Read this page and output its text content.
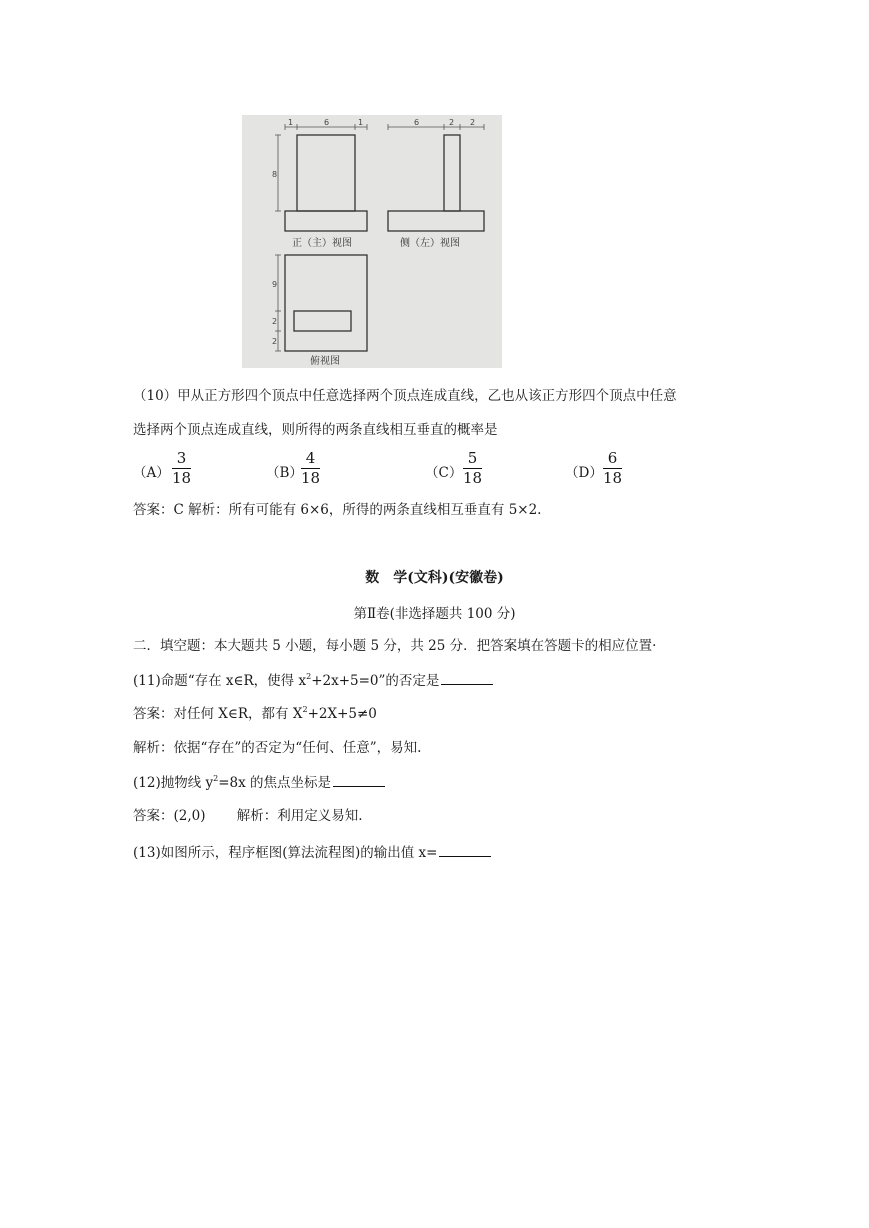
1	6	1	6	2 2
8
9
2
2
正（主）视图	侧（左）视图
俯视图
（10）甲从正方形四个顶点中任意选择两个顶点连成直线，乙也从该正方形四个顶点中任意
选择两个顶点连成直线，则所得的两条直线相互垂直的概率是
（A）
3
18	（B）
4
18	（C）
5
18	（D）
6
18
答案：C 解析：所有可能有 6×6，所得的两条直线相互垂直有 5×2.
数　学(文科)(安徽卷)
第Ⅱ卷(非选择题共 100 分)
二．填空题：本大题共 5 小题，每小题 5 分，共 25 分．把答案填在答题卡的相应位置·
(11)命题“存在 x∈R，使得 $x^2+2x+5=0$”的否定是
答案：对任何 X∈R，都有 $X^2+2X+5\ne 0$
解析：依据“存在”的否定为“任何、任意”，易知.
(12)抛物线 $y^2=8x$ 的焦点坐标是
答案：(2,0)　　 解析：利用定义易知.
(13)如图所示，程序框图(算法流程图)的输出值 x=
